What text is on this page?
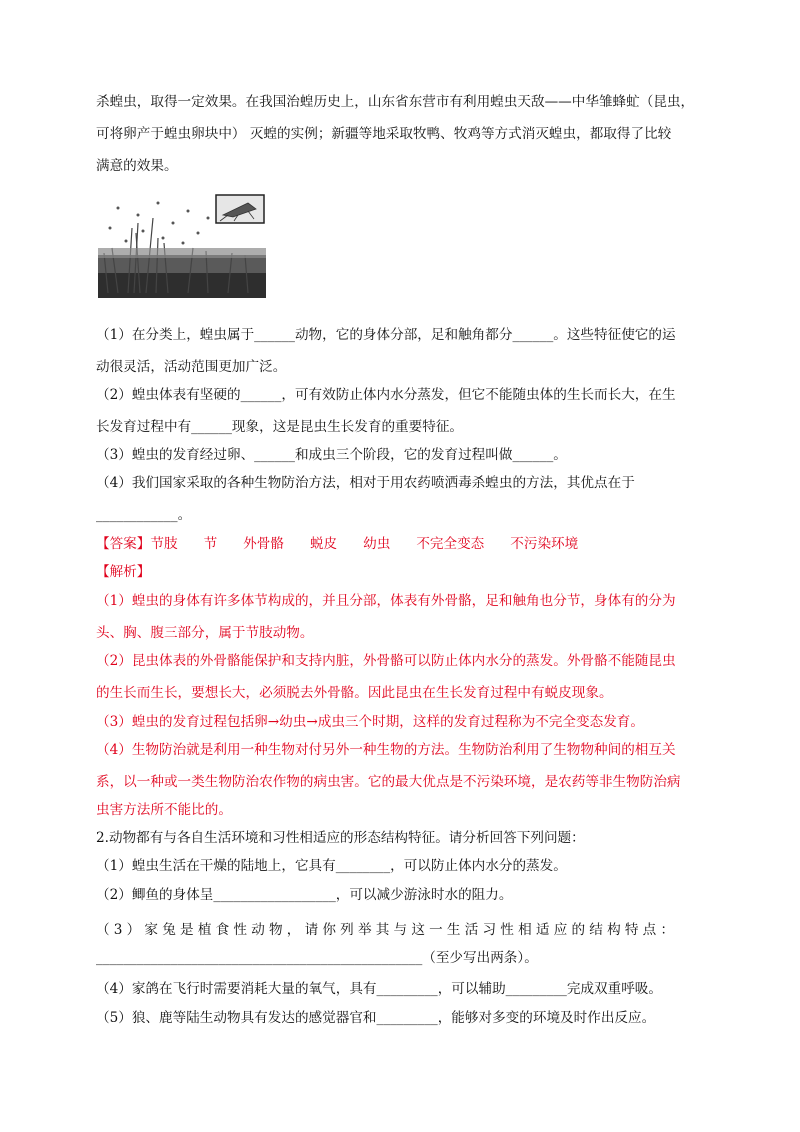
杀蝗虫，取得一定效果。在我国治蝗历史上，山东省东营市有利用蝗虫天敌——中华雏蜂虻（昆虫，
可将卵产于蝗虫卵块中） 灭蝗的实例；新疆等地采取牧鸭、牧鸡等方式消灭蝗虫，都取得了比较
满意的效果。
（1）在分类上，蝗虫属于______动物，它的身体分部，足和触角都分______。这些特征使它的运
动很灵活，活动范围更加广泛。
（2）蝗虫体表有坚硬的______，可有效防止体内水分蒸发，但它不能随虫体的生长而长大，在生
长发育过程中有______现象，这是昆虫生长发育的重要特征。
（3）蝗虫的发育经过卵、______和成虫三个阶段，它的发育过程叫做______。
（4）我们国家采取的各种生物防治方法，相对于用农药喷洒毒杀蝗虫的方法，其优点在于
____________。
【答案】节肢 节 外骨骼 蜕皮 幼虫 不完全变态 不污染环境
【解析】
（1）蝗虫的身体有许多体节构成的，并且分部，体表有外骨骼，足和触角也分节，身体有的分为
头、胸、腹三部分，属于节肢动物。
（2）昆虫体表的外骨骼能保护和支持内脏，外骨骼可以防止体内水分的蒸发。外骨骼不能随昆虫
的生长而生长，要想长大，必须脱去外骨骼。因此昆虫在生长发育过程中有蜕皮现象。
（3）蝗虫的发育过程包括卵→幼虫→成虫三个时期，这样的发育过程称为不完全变态发育。
（4）生物防治就是利用一种生物对付另外一种生物的方法。生物防治利用了生物物种间的相互关
系，以一种或一类生物防治农作物的病虫害。它的最大优点是不污染环境，是农药等非生物防治病
虫害方法所不能比的。
2.动物都有与各自生活环境和习性相适应的形态结构特征。请分析回答下列问题：
（1）蝗虫生活在干燥的陆地上，它具有________，可以防止体内水分的蒸发。
（2）鲫鱼的身体呈__________________，可以减少游泳时水的阻力。
（3）家兔是植食性动物，请你列举其与这一生活习性相适应的结构特点：
________________________________________________（至少写出两条）。
（4）家鸽在飞行时需要消耗大量的氧气，具有_________，可以辅助_________完成双重呼吸。
（5）狼、鹿等陆生动物具有发达的感觉器官和_________，能够对多变的环境及时作出反应。
